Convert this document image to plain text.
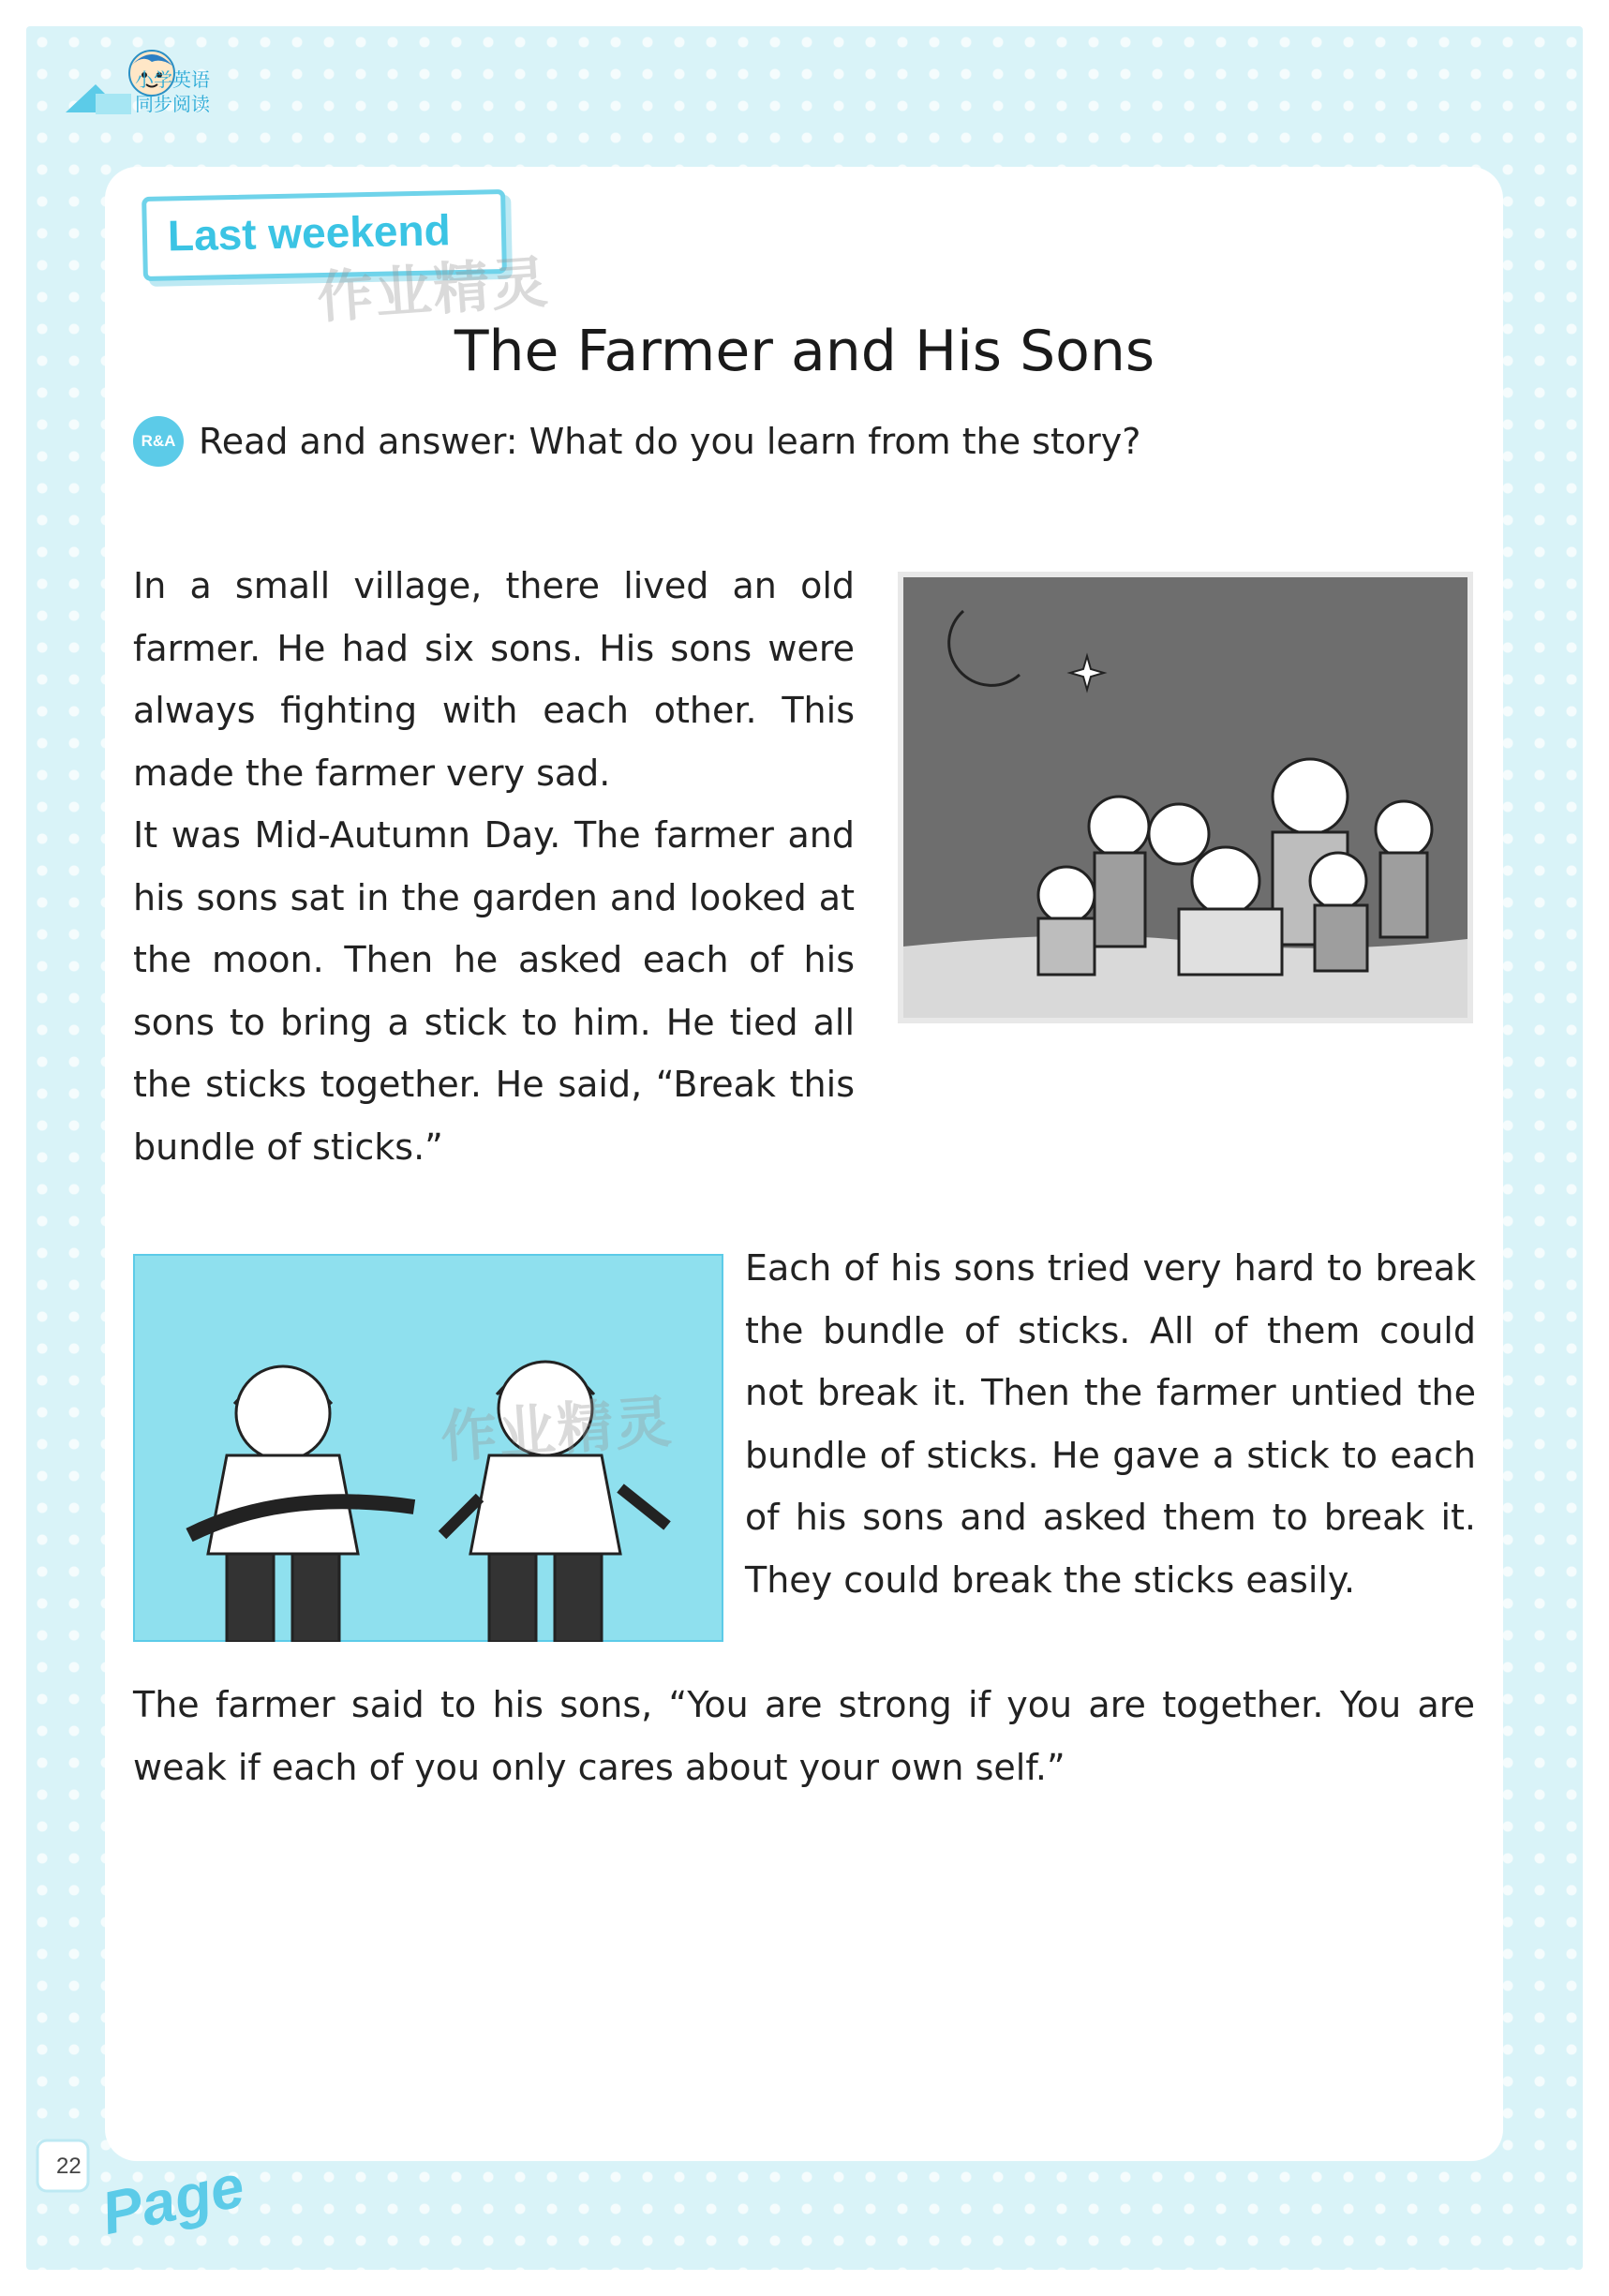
小学英语
同步阅读
Last weekend
作业精灵
The Farmer and His Sons
R&A Read and answer: What do you learn from the story?

In a small village, there lived an old farmer. He had six sons. His sons were always fighting with each other. This made the farmer very sad.

It was Mid-Autumn Day. The farmer and his sons sat in the garden and looked at the moon. Then he asked each of his sons to bring a stick to him. He tied all the sticks together. He said, “Break this bundle of sticks.”

作业精灵

Each of his sons tried very hard to break the bundle of sticks. All of them could not break it. Then the farmer untied the bundle of sticks. He gave a stick to each of his sons and asked them to break it. They could break the sticks easily.

The farmer said to his sons, “You are strong if you are together. You are weak if each of you only cares about your own self.”

22 Page
